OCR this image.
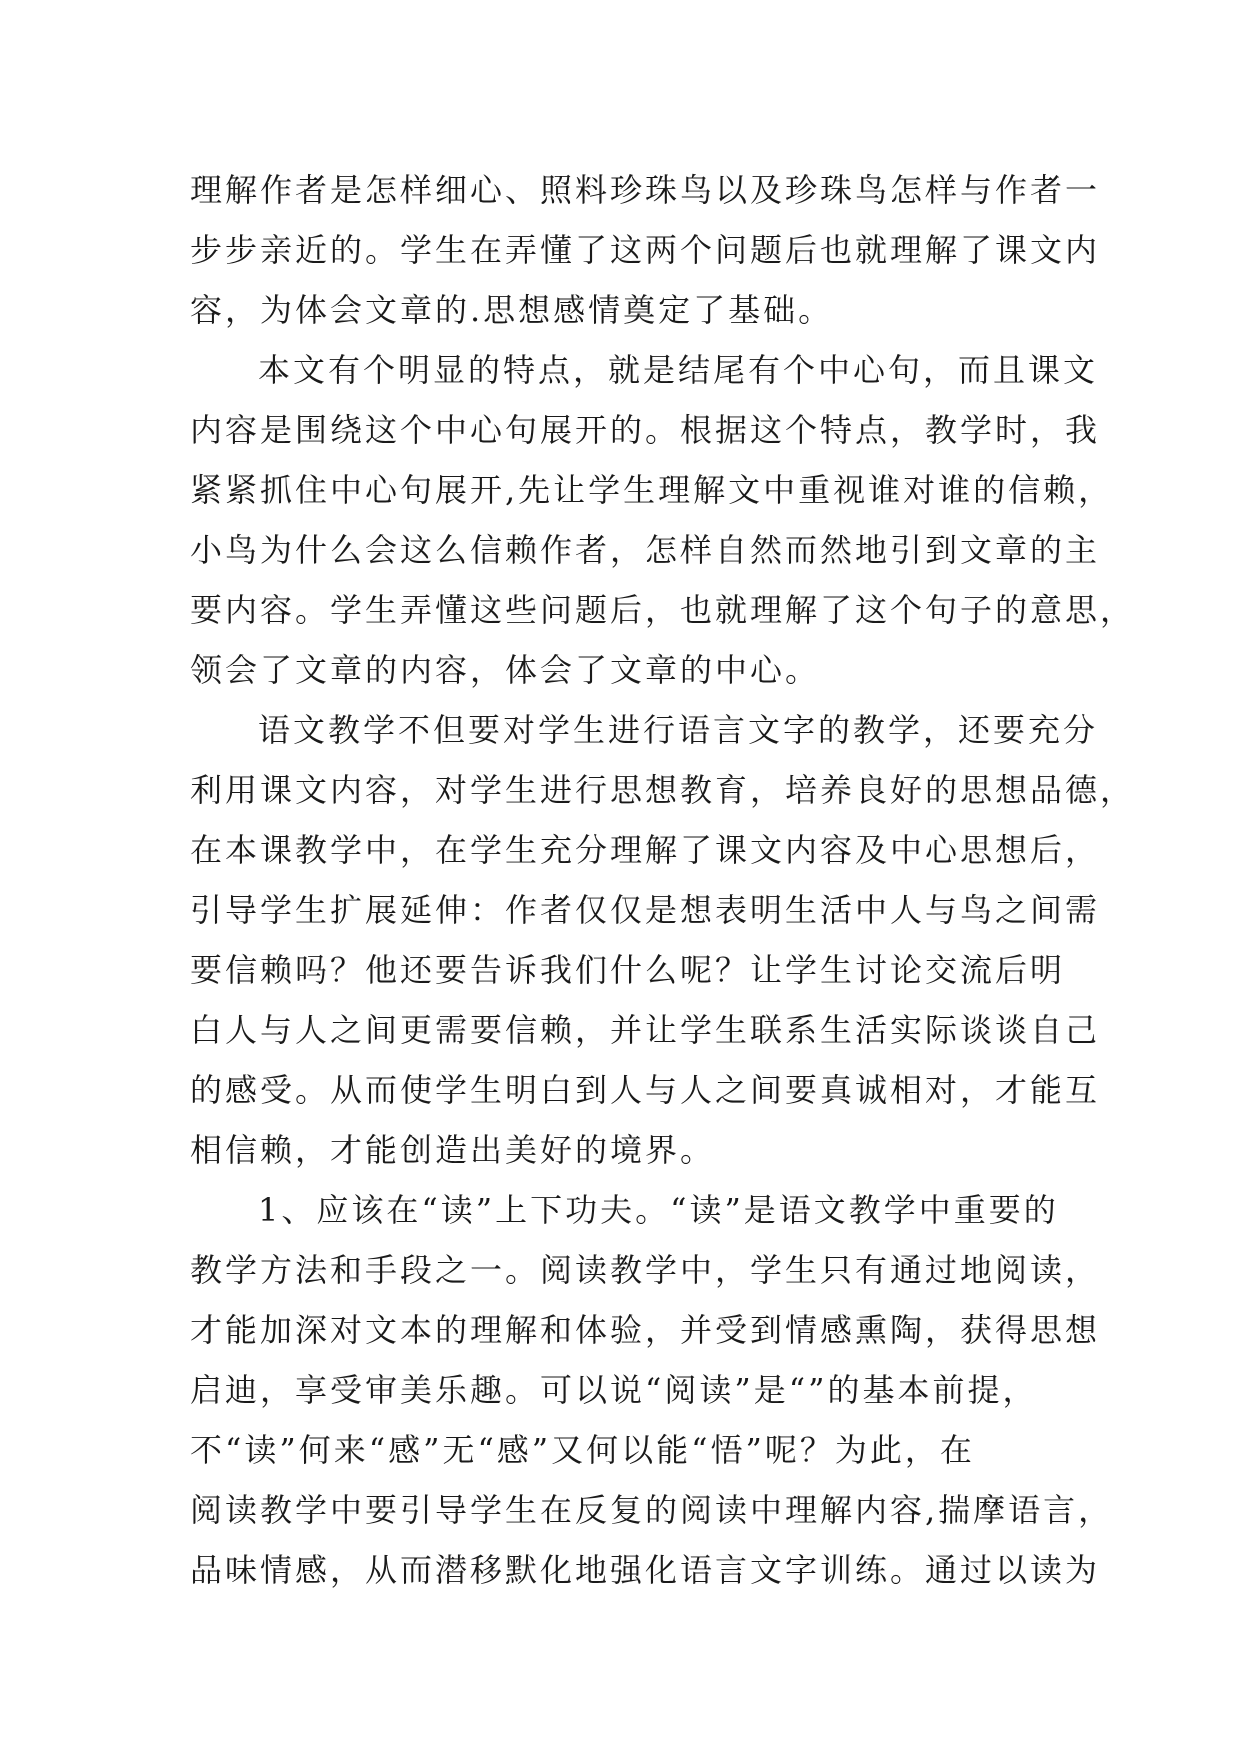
理解作者是怎样细心、照料珍珠鸟以及珍珠鸟怎样与作者一
步步亲近的。学生在弄懂了这两个问题后也就理解了课文内
容，为体会文章的.思想感情奠定了基础。
本文有个明显的特点，就是结尾有个中心句，而且课文
内容是围绕这个中心句展开的。根据这个特点，教学时，我
紧紧抓住中心句展开,先让学生理解文中重视谁对谁的信赖，
小鸟为什么会这么信赖作者，怎样自然而然地引到文章的主
要内容。学生弄懂这些问题后，也就理解了这个句子的意思，
领会了文章的内容，体会了文章的中心。
语文教学不但要对学生进行语言文字的教学，还要充分
利用课文内容，对学生进行思想教育，培养良好的思想品德，
在本课教学中，在学生充分理解了课文内容及中心思想后，
引导学生扩展延伸：作者仅仅是想表明生活中人与鸟之间需
要信赖吗？他还要告诉我们什么呢？让学生讨论交流后明
白人与人之间更需要信赖，并让学生联系生活实际谈谈自己
的感受。从而使学生明白到人与人之间要真诚相对，才能互
相信赖，才能创造出美好的境界。
1、应该在“读”上下功夫。“读”是语文教学中重要的
教学方法和手段之一。阅读教学中，学生只有通过地阅读，
才能加深对文本的理解和体验，并受到情感熏陶，获得思想
启迪，享受审美乐趣。可以说“阅读”是“”的基本前提，
不“读”何来“感”无“感”又何以能“悟”呢？为此，在
阅读教学中要引导学生在反复的阅读中理解内容,揣摩语言，
品味情感，从而潜移默化地强化语言文字训练。通过以读为
